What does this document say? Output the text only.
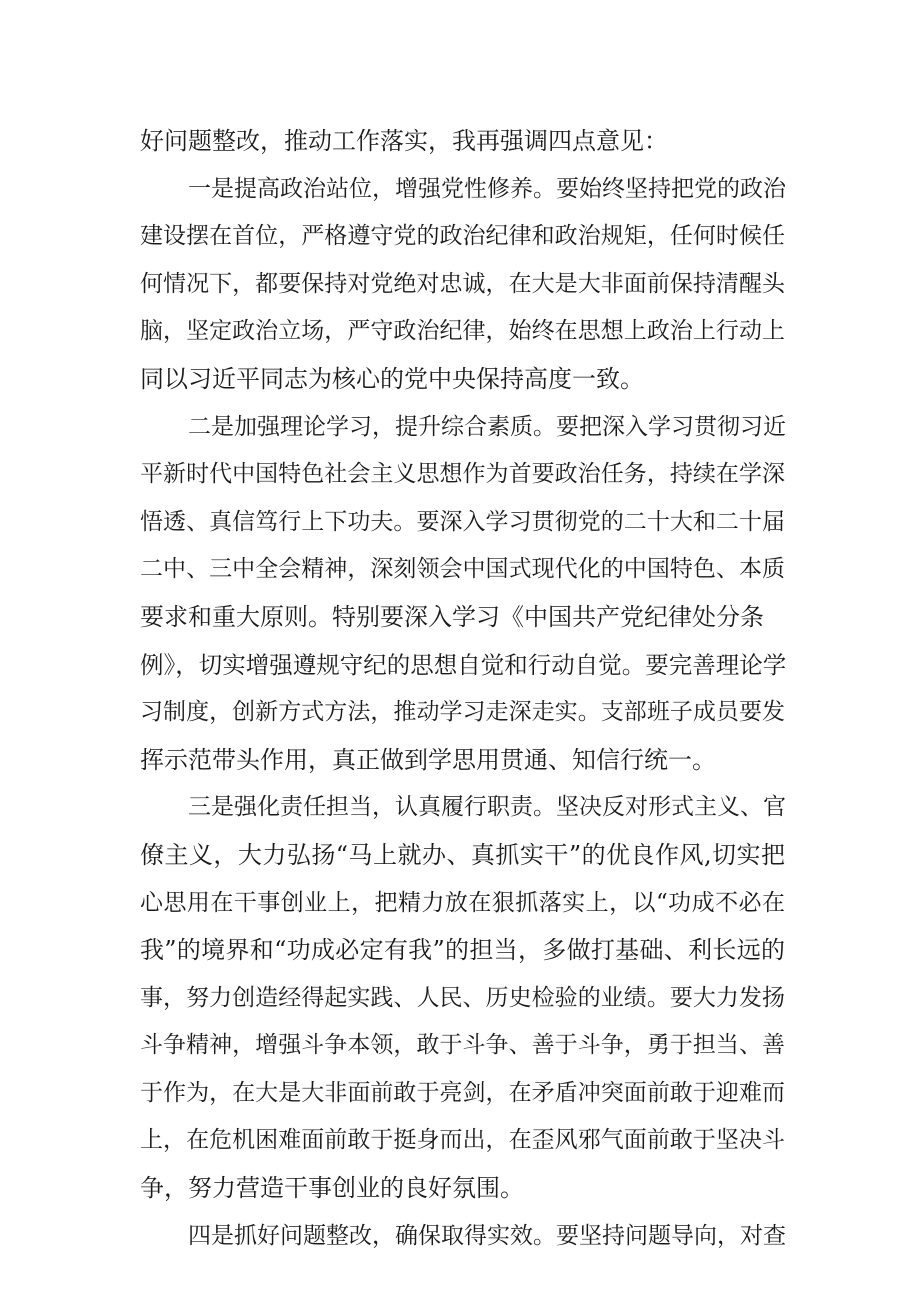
好问题整改，推动工作落实，我再强调四点意见：
一是提高政治站位，增强党性修养。要始终坚持把党的政治
建设摆在首位，严格遵守党的政治纪律和政治规矩，任何时候任
何情况下，都要保持对党绝对忠诚，在大是大非面前保持清醒头
脑，坚定政治立场，严守政治纪律，始终在思想上政治上行动上
同以习近平同志为核心的党中央保持高度一致。
二是加强理论学习，提升综合素质。要把深入学习贯彻习近
平新时代中国特色社会主义思想作为首要政治任务，持续在学深
悟透、真信笃行上下功夫。要深入学习贯彻党的二十大和二十届
二中、三中全会精神，深刻领会中国式现代化的中国特色、本质
要求和重大原则。特别要深入学习《中国共产党纪律处分条
例》，切实增强遵规守纪的思想自觉和行动自觉。要完善理论学
习制度，创新方式方法，推动学习走深走实。支部班子成员要发
挥示范带头作用，真正做到学思用贯通、知信行统一。
三是强化责任担当，认真履行职责。坚决反对形式主义、官
僚主义，大力弘扬“马上就办、真抓实干”的优良作风,切实把
心思用在干事创业上，把精力放在狠抓落实上，以“功成不必在
我”的境界和“功成必定有我”的担当，多做打基础、利长远的
事，努力创造经得起实践、人民、历史检验的业绩。要大力发扬
斗争精神，增强斗争本领，敢于斗争、善于斗争，勇于担当、善
于作为，在大是大非面前敢于亮剑，在矛盾冲突面前敢于迎难而
上，在危机困难面前敢于挺身而出，在歪风邪气面前敢于坚决斗
争，努力营造干事创业的良好氛围。
四是抓好问题整改，确保取得实效。要坚持问题导向，对查
